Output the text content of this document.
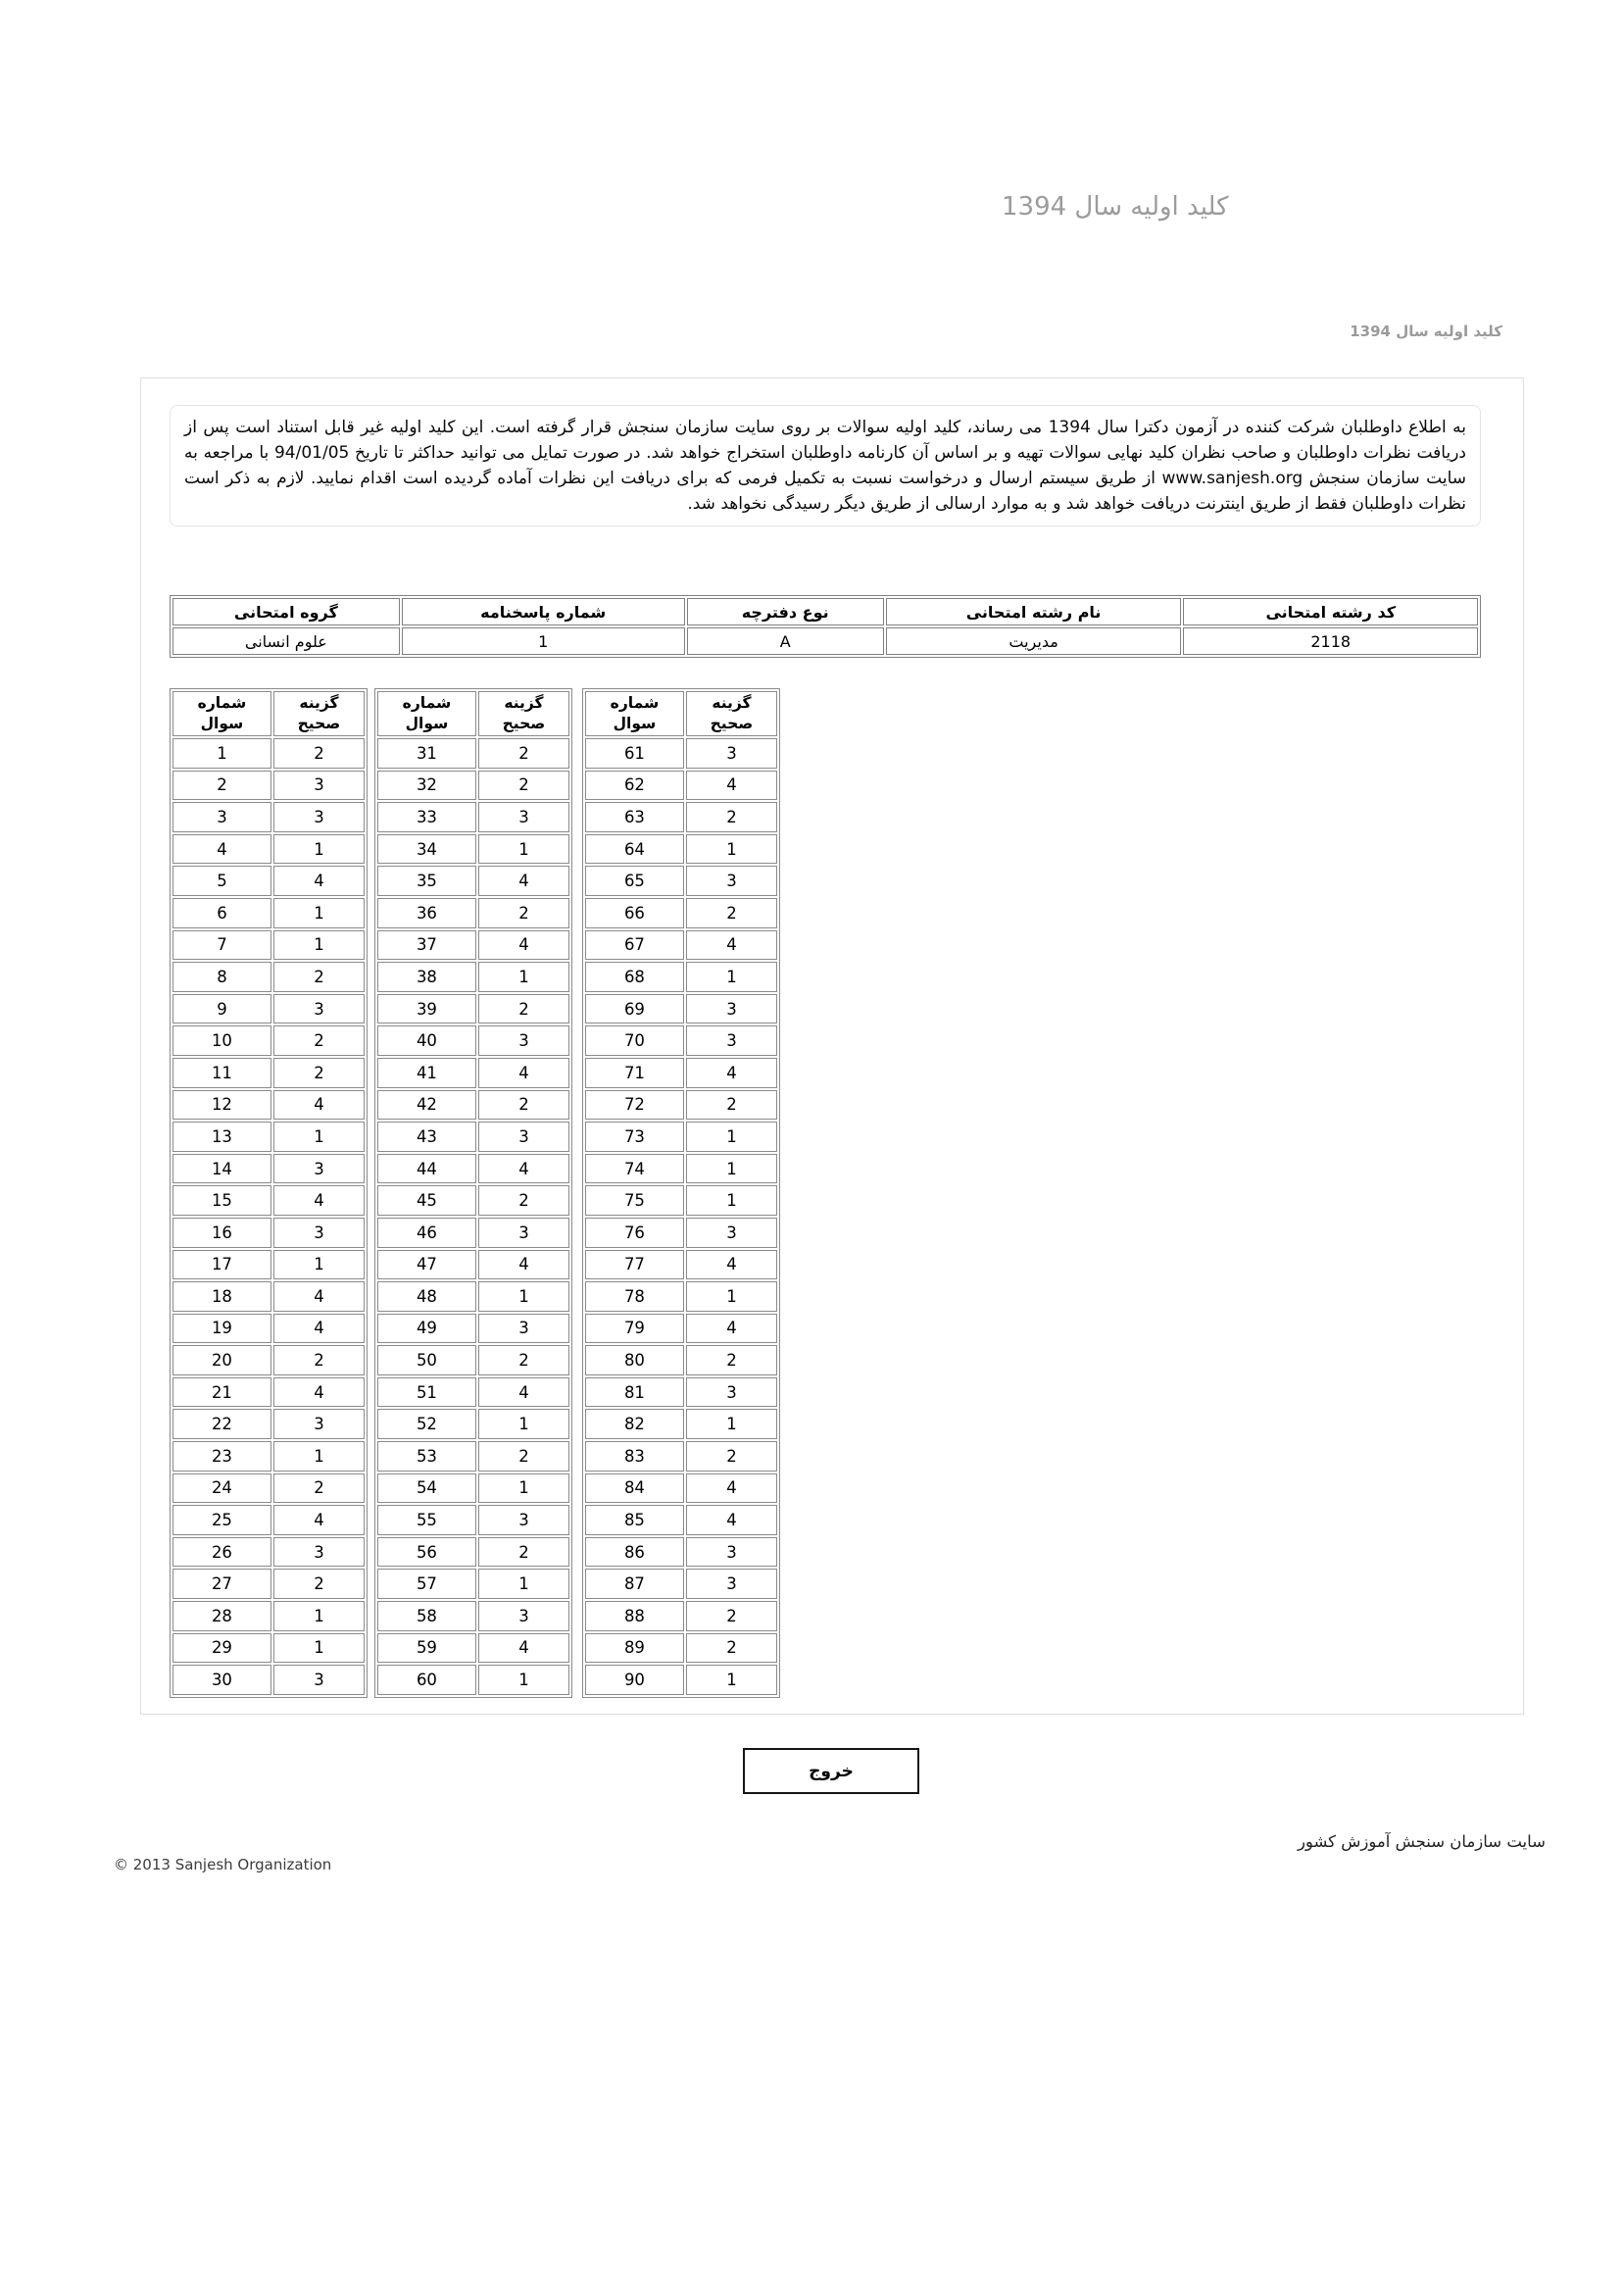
کلید اولیه سال 1394
کلید اولیه سال 1394

به اطلاع داوطلبان شرکت کننده در آزمون دکترا سال 1394 می رساند، کلید اولیه سوالات بر روی سایت سازمان سنجش قرار گرفته است. این کلید اولیه غیر قابل استناد است پس از دریافت نظرات داوطلبان و صاحب نظران کلید نهایی سوالات تهیه و بر اساس آن کارنامه داوطلبان استخراج خواهد شد. در صورت تمایل می توانید حداکثر تا تاریخ 94/01/05 با مراجعه به سایت سازمان سنجش www.sanjesh.org از طریق سیستم ارسال و درخواست نسبت به تکمیل فرمی که برای دریافت این نظرات آماده گردیده است اقدام نمایید. لازم به ذکر است نظرات داوطلبان فقط از طریق اینترنت دریافت خواهد شد و به موارد ارسالی از طریق دیگر رسیدگی نخواهد شد.

کد رشته امتحانی	نام رشته امتحانی	نوع دفترچه	شماره پاسخنامه	گروه امتحانی
2118	مدیریت	A	1	علوم انسانی
شماره
سوال	گزینه
صحیح

1	2
2	3
3	3
4	1
5	4
6	1
7	1
8	2
9	3
10	2
11	2
12	4
13	1
14	3
15	4
16	3
17	1
18	4
19	4
20	2
21	4
22	3
23	1
24	2
25	4
26	3
27	2
28	1
29	1
30	3
شماره
سوال	گزینه
صحیح

31	2
32	2
33	3
34	1
35	4
36	2
37	4
38	1
39	2
40	3
41	4
42	2
43	3
44	4
45	2
46	3
47	4
48	1
49	3
50	2
51	4
52	1
53	2
54	1
55	3
56	2
57	1
58	3
59	4
60	1
شماره
سوال	گزینه
صحیح

61	3
62	4
63	2
64	1
65	3
66	2
67	4
68	1
69	3
70	3
71	4
72	2
73	1
74	1
75	1
76	3
77	4
78	1
79	4
80	2
81	3
82	1
83	2
84	4
85	4
86	3
87	3
88	2
89	2
90	1
خروج
© 2013 Sanjesh Organization
سایت سازمان سنجش آموزش کشور
